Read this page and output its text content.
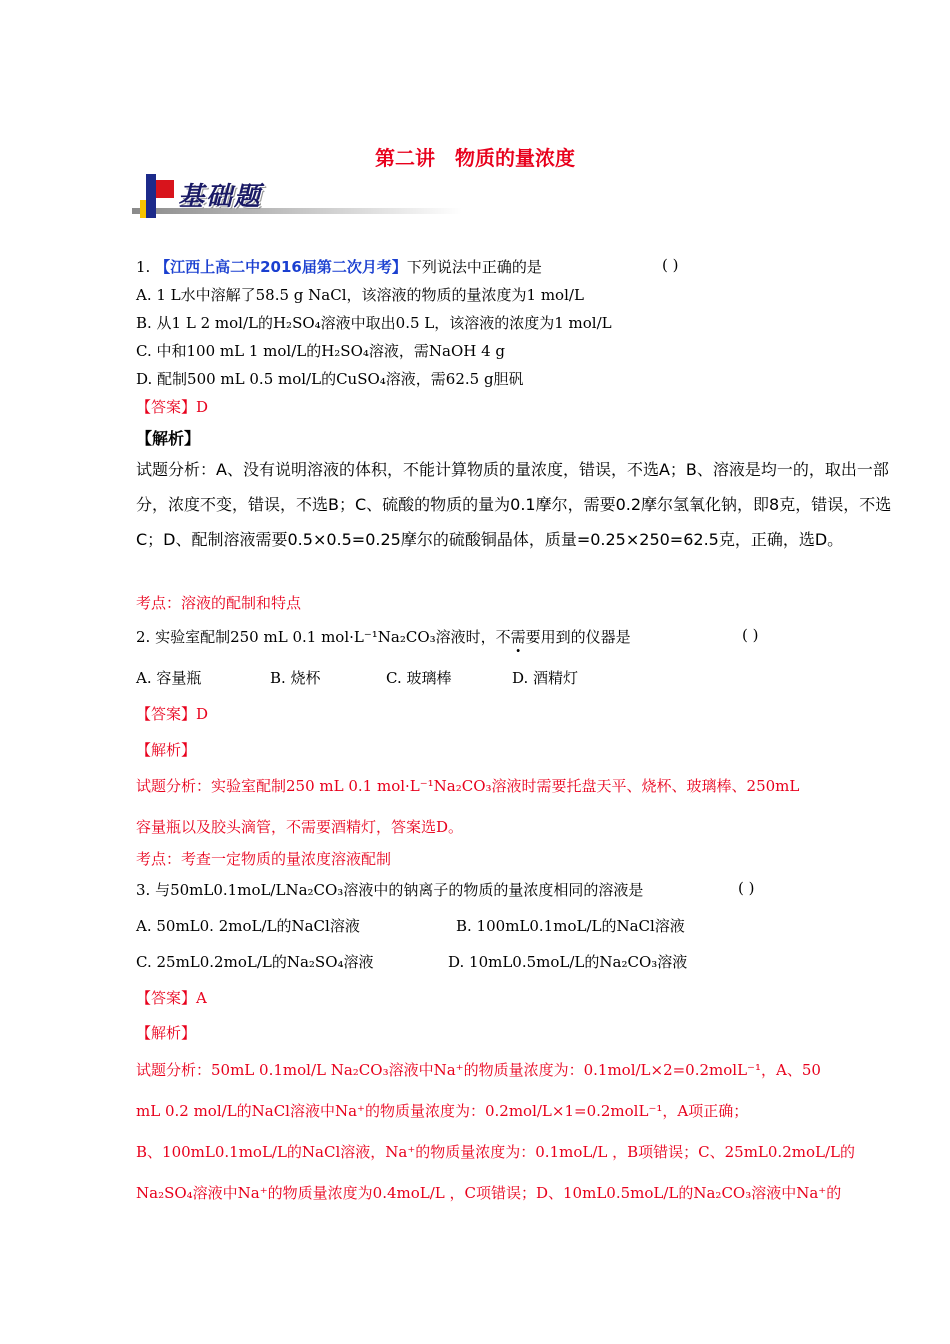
第二讲 物质的量浓度
基础题
1. 【江西上高二中2016届第二次月考】下列说法中正确的是	( )
A. 1 L水中溶解了58.5 g NaCl，该溶液的物质的量浓度为1 mol/L
B. 从1 L 2 mol/L的H₂SO₄溶液中取出0.5 L，该溶液的浓度为1 mol/L
C. 中和100 mL 1 mol/L的H₂SO₄溶液，需NaOH 4 g
D. 配制500 mL 0.5 mol/L的CuSO₄溶液，需62.5 g胆矾
【答案】D
【解析】
试题分析：A、没有说明溶液的体积，不能计算物质的量浓度，错误，不选A；B、溶液是均一的，取出一部分，浓度不变，错误，不选B；C、硫酸的物质的量为0.1摩尔，需要0.2摩尔氢氧化钠，即8克，错误，不选C；D、配制溶液需要0.5×0.5=0.25摩尔的硫酸铜晶体，质量=0.25×250=62.5克，正确，选D。
考点：溶液的配制和特点
2. 实验室配制250 mL 0.1 mol·L⁻¹Na₂CO₃溶液时，不需要用到的仪器是	( )
A. 容量瓶	B. 烧杯	C. 玻璃棒	D. 酒精灯
【答案】D
【解析】
试题分析：实验室配制250 mL 0.1 mol·L⁻¹Na₂CO₃溶液时需要托盘天平、烧杯、玻璃棒、250mL
容量瓶以及胶头滴管，不需要酒精灯，答案选D。
考点：考查一定物质的量浓度溶液配制
3. 与50mL0.1moL/LNa₂CO₃溶液中的钠离子的物质的量浓度相同的溶液是	( )
A. 50mL0. 2moL/L的NaCl溶液	B. 100mL0.1moL/L的NaCl溶液
C. 25mL0.2moL/L的Na₂SO₄溶液	D. 10mL0.5moL/L的Na₂CO₃溶液
【答案】A
【解析】
试题分析：50mL 0.1mol/L Na₂CO₃溶液中Na⁺的物质量浓度为：0.1mol/L×2=0.2molL⁻¹，A、50
mL 0.2 mol/L的NaCl溶液中Na⁺的物质量浓度为：0.2mol/L×1=0.2molL⁻¹，A项正确；
B、100mL0.1moL/L的NaCl溶液，Na⁺的物质量浓度为：0.1moL/L ，B项错误；C、25mL0.2moL/L的
Na₂SO₄溶液中Na⁺的物质量浓度为0.4moL/L ，C项错误；D、10mL0.5moL/L的Na₂CO₃溶液中Na⁺的
